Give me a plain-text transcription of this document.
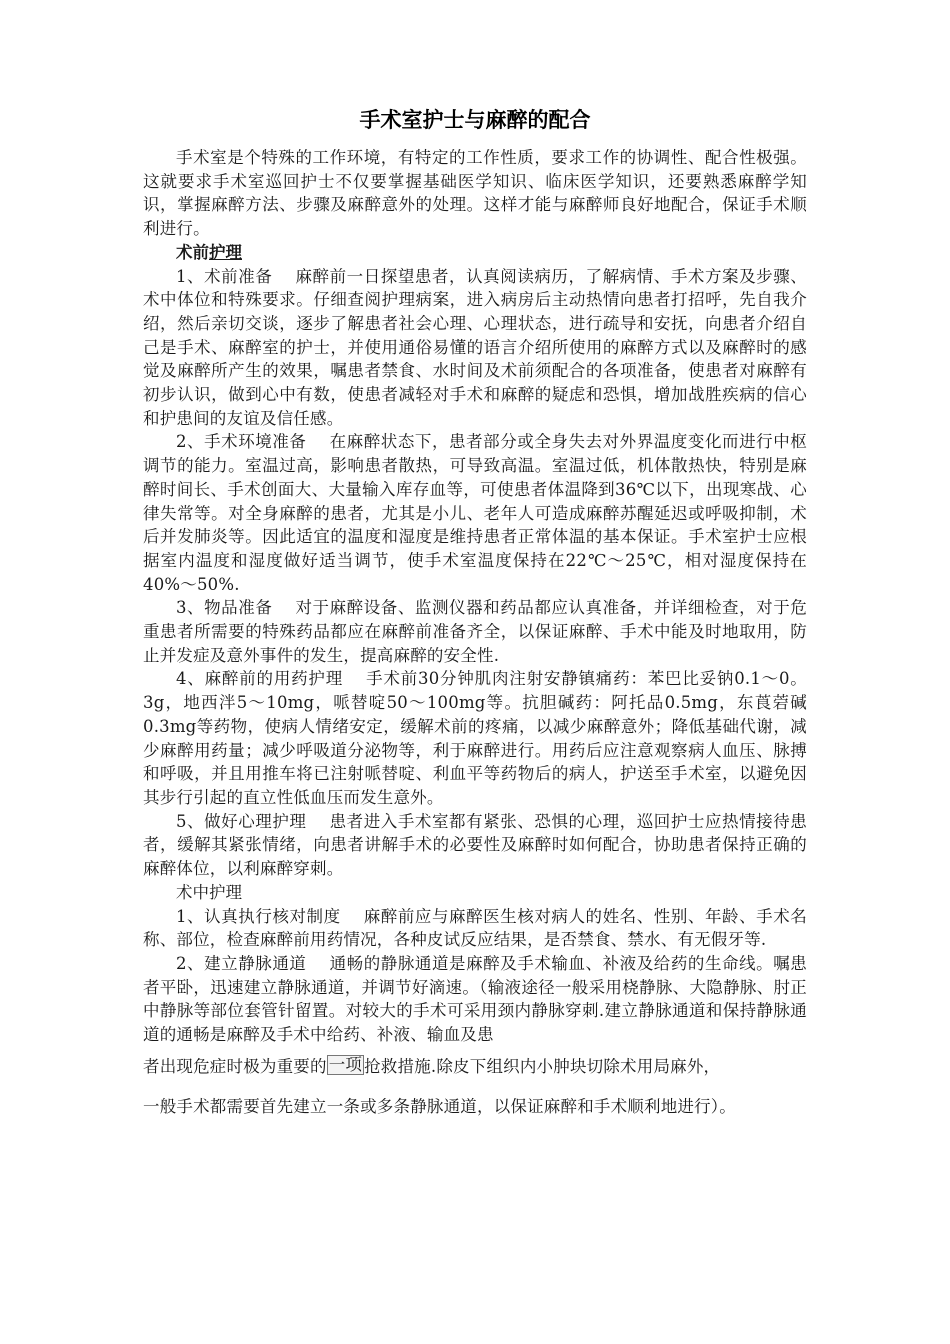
手术室护士与麻醉的配合

手术室是个特殊的工作环境，有特定的工作性质，要求工作的协调性、配合性极强。这就要求手术室巡回护士不仅要掌握基础医学知识、临床医学知识，还要熟悉麻醉学知识，掌握麻醉方法、步骤及麻醉意外的处理。这样才能与麻醉师良好地配合，保证手术顺利进行。

术前护理

1、术前准备 麻醉前一日探望患者，认真阅读病历，了解病情、手术方案及步骤、术中体位和特殊要求。仔细查阅护理病案，进入病房后主动热情向患者打招呼，先自我介绍，然后亲切交谈，逐步了解患者社会心理、心理状态，进行疏导和安抚，向患者介绍自己是手术、麻醉室的护士，并使用通俗易懂的语言介绍所使用的麻醉方式以及麻醉时的感觉及麻醉所产生的效果，嘱患者禁食、水时间及术前须配合的各项准备，使患者对麻醉有初步认识，做到心中有数，使患者减轻对手术和麻醉的疑虑和恐惧，增加战胜疾病的信心和护患间的友谊及信任感。

2、手术环境准备 在麻醉状态下，患者部分或全身失去对外界温度变化而进行中枢调节的能力。室温过高，影响患者散热，可导致高温。室温过低，机体散热快，特别是麻醉时间长、手术创面大、大量输入库存血等，可使患者体温降到36℃以下，出现寒战、心律失常等。对全身麻醉的患者，尤其是小儿、老年人可造成麻醉苏醒延迟或呼吸抑制，术后并发肺炎等。因此适宜的温度和湿度是维持患者正常体温的基本保证。手术室护士应根据室内温度和湿度做好适当调节，使手术室温度保持在22℃～25℃，相对湿度保持在40%～50%.

3、物品准备 对于麻醉设备、监测仪器和药品都应认真准备，并详细检查，对于危重患者所需要的特殊药品都应在麻醉前准备齐全，以保证麻醉、手术中能及时地取用，防止并发症及意外事件的发生，提高麻醉的安全性.

4、麻醉前的用药护理 手术前30分钟肌肉注射安静镇痛药：苯巴比妥钠0.1～0。3g，地西泮5～10mg，哌替啶50～100mg等。抗胆碱药：阿托品0.5mg，东莨菪碱0.3mg等药物，使病人情绪安定，缓解术前的疼痛，以减少麻醉意外；降低基础代谢，减少麻醉用药量；减少呼吸道分泌物等，利于麻醉进行。用药后应注意观察病人血压、脉搏和呼吸，并且用推车将已注射哌替啶、利血平等药物后的病人，护送至手术室，以避免因其步行引起的直立性低血压而发生意外。

5、做好心理护理 患者进入手术室都有紧张、恐惧的心理，巡回护士应热情接待患者，缓解其紧张情绪，向患者讲解手术的必要性及麻醉时如何配合，协助患者保持正确的麻醉体位，以利麻醉穿刺。

术中护理

1、认真执行核对制度 麻醉前应与麻醉医生核对病人的姓名、性别、年龄、手术名称、部位，检查麻醉前用药情况，各种皮试反应结果，是否禁食、禁水、有无假牙等.

2、建立静脉通道 通畅的静脉通道是麻醉及手术输血、补液及给药的生命线。嘱患者平卧，迅速建立静脉通道，并调节好滴速。（输液途径一般采用桡静脉、大隐静脉、肘正中静脉等部位套管针留置。对较大的手术可采用颈内静脉穿刺.建立静脉通道和保持静脉通道的通畅是麻醉及手术中给药、补液、输血及患

者出现危症时极为重要的 一项 抢救措施.除皮下组织内小肿块切除术用局麻外，
一般手术都需要首先建立一条或多条静脉通道，以保证麻醉和手术顺利地进行）。
